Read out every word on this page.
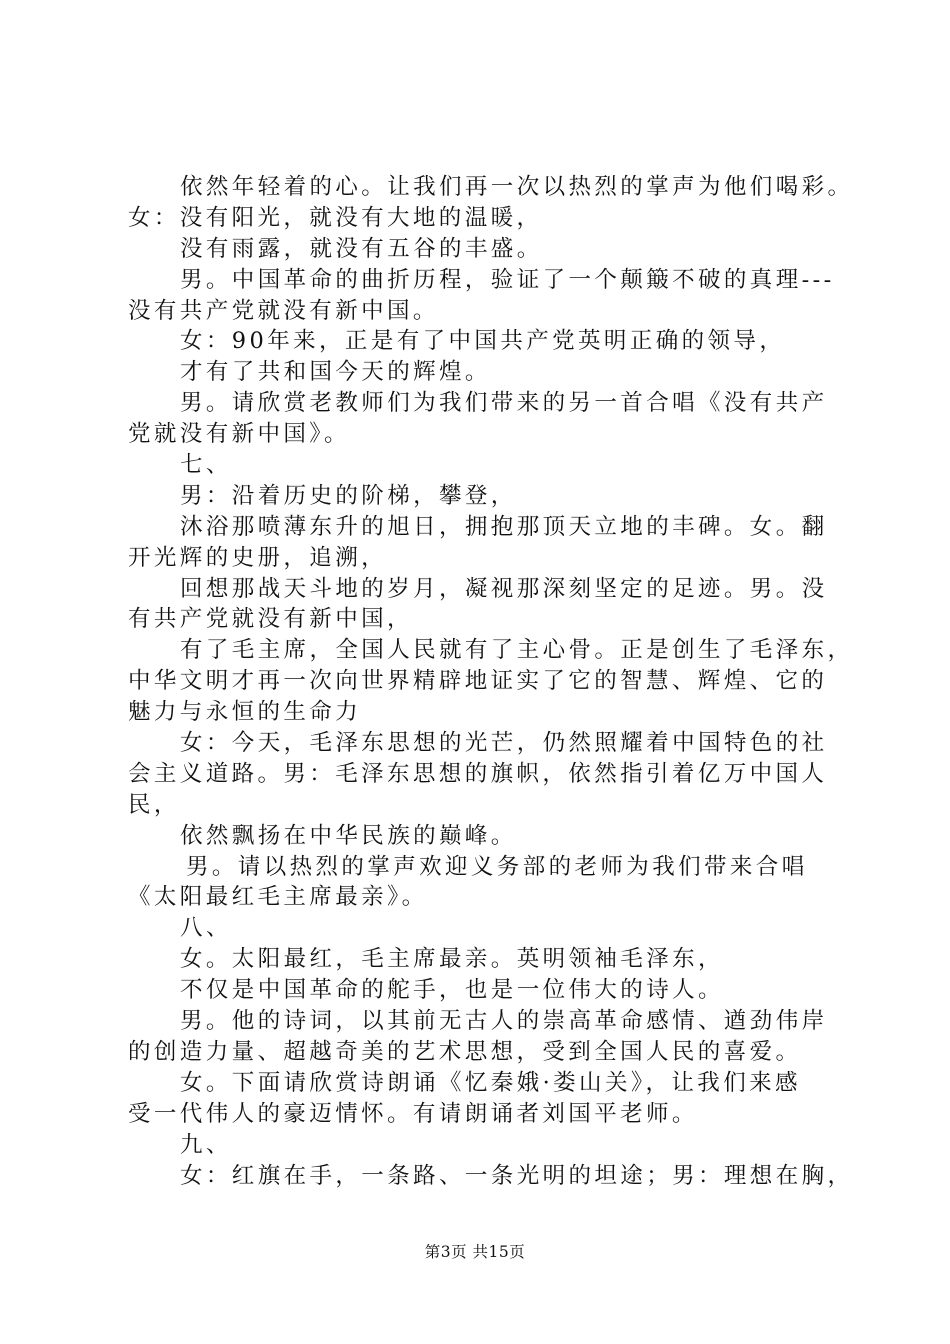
依然年轻着的心。让我们再一次以热烈的掌声为他们喝彩。
女：没有阳光，就没有大地的温暖，
没有雨露，就没有五谷的丰盛。
男。中国革命的曲折历程，验证了一个颠簸不破的真理---
没有共产党就没有新中国。
女：90年来，正是有了中国共产党英明正确的领导，
才有了共和国今天的辉煌。
男。请欣赏老教师们为我们带来的另一首合唱《没有共产
党就没有新中国》。
七、
男：沿着历史的阶梯，攀登，
沐浴那喷薄东升的旭日，拥抱那顶天立地的丰碑。女。翻
开光辉的史册，追溯，
回想那战天斗地的岁月，凝视那深刻坚定的足迹。男。没
有共产党就没有新中国，
有了毛主席，全国人民就有了主心骨。正是创生了毛泽东，
中华文明才再一次向世界精辟地证实了它的智慧、辉煌、它的
魅力与永恒的生命力
女：今天，毛泽东思想的光芒，仍然照耀着中国特色的社
会主义道路。男：毛泽东思想的旗帜，依然指引着亿万中国人
民，
依然飘扬在中华民族的巅峰。
男。请以热烈的掌声欢迎义务部的老师为我们带来合唱
《太阳最红毛主席最亲》。
八、
女。太阳最红，毛主席最亲。英明领袖毛泽东，
不仅是中国革命的舵手，也是一位伟大的诗人。
男。他的诗词，以其前无古人的崇高革命感情、遒劲伟岸
的创造力量、超越奇美的艺术思想，受到全国人民的喜爱。
女。下面请欣赏诗朗诵《忆秦娥·娄山关》，让我们来感
受一代伟人的豪迈情怀。有请朗诵者刘国平老师。
九、
女：红旗在手，一条路、一条光明的坦途；男：理想在胸，
第3页 共15页
